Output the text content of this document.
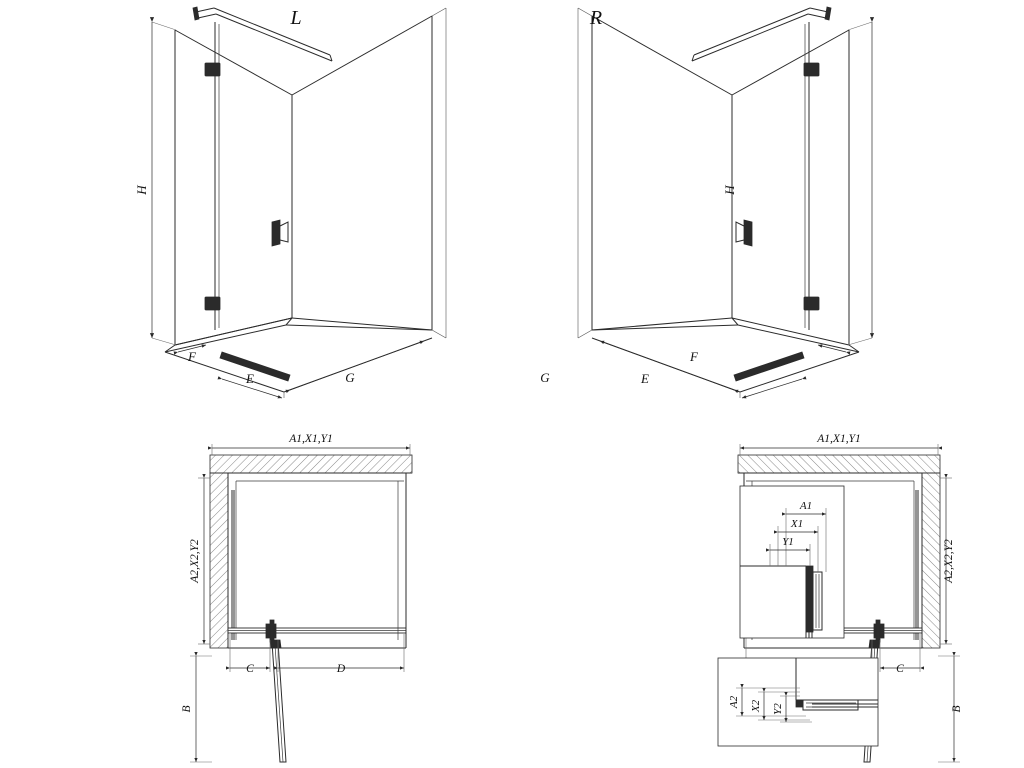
H
F
E	G
L
H
F
E
G
R
A1,X1,Y1
A2,X2,Y2
B
C	D
A1,X1,Y1
A2,X2,Y2
B
C
A1
X1
Y1
A2 X2 Y2
